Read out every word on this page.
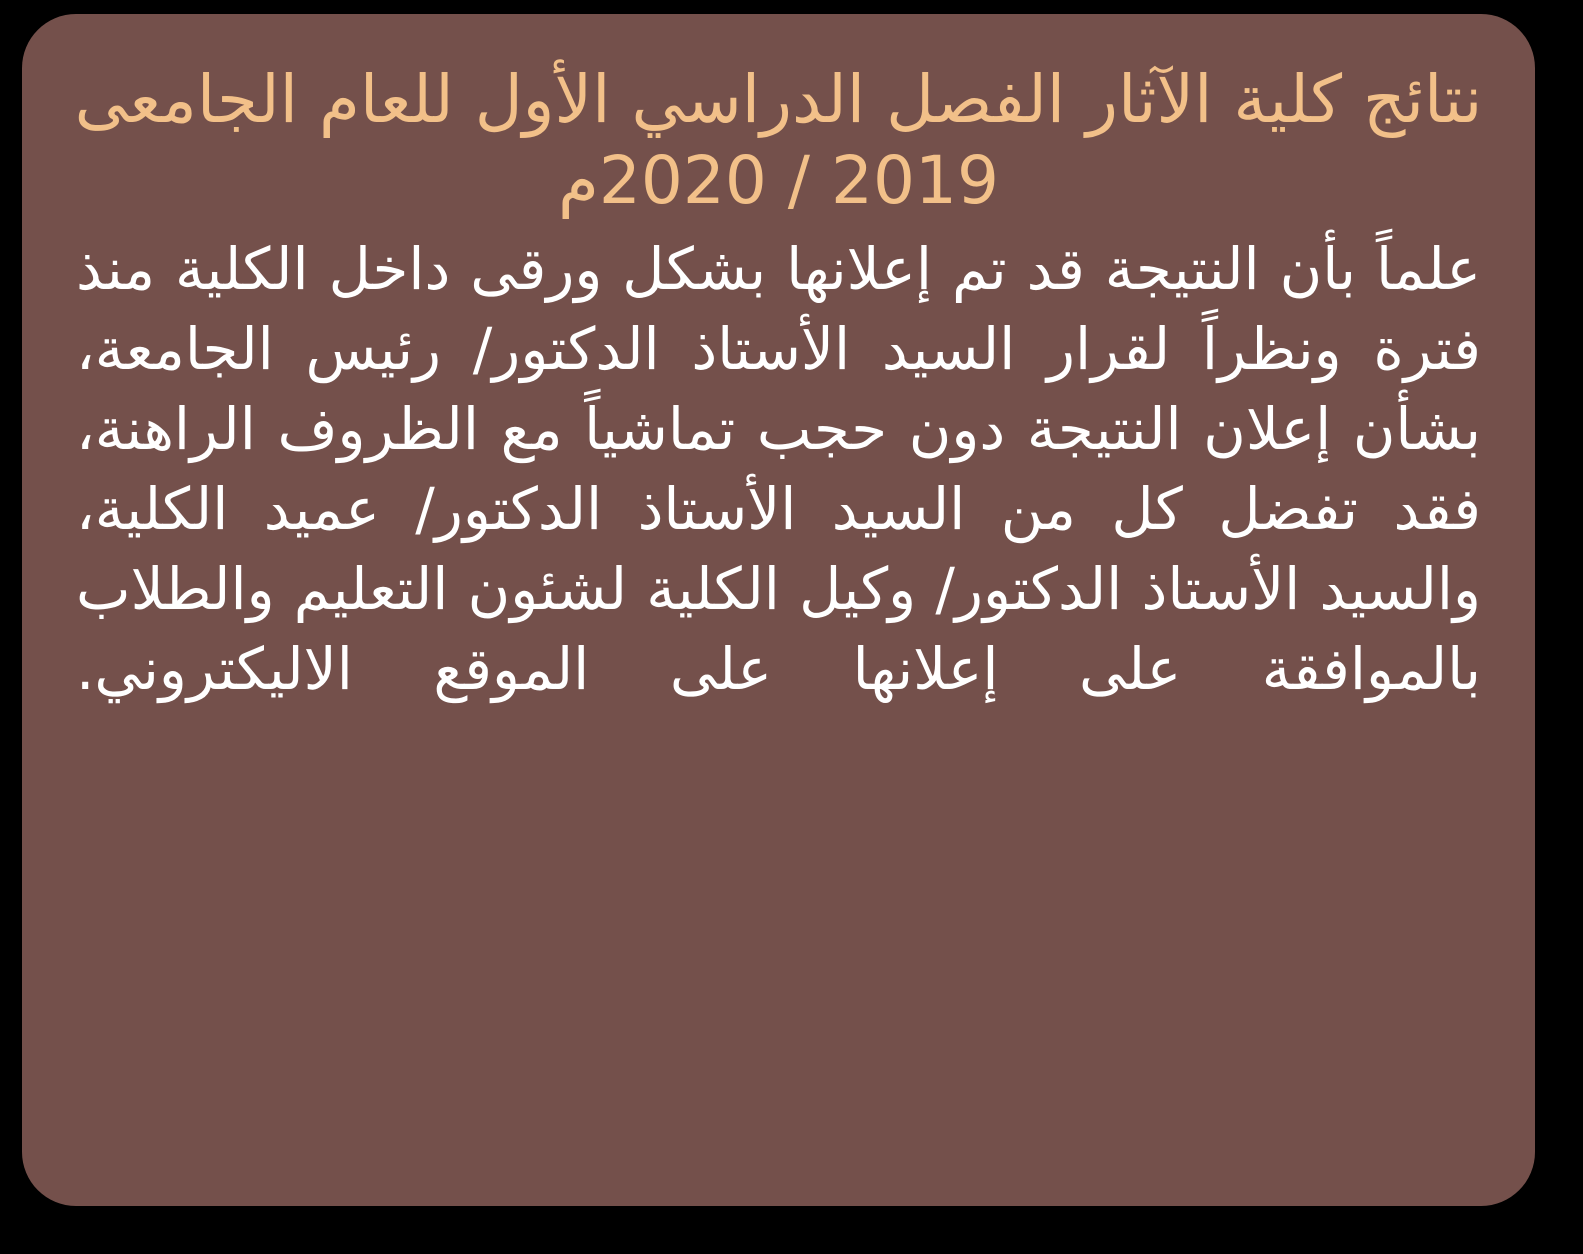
نتائج كلية الآثار الفصل الدراسي الأول للعام الجامعى 2019 / 2020م

علماً بأن النتيجة قد تم إعلانها بشكل ورقى داخل الكلية منذ فترة ونظراً لقرار السيد الأستاذ الدكتور/ رئيس الجامعة، بشأن إعلان النتيجة دون حجب تماشياً مع الظروف الراهنة، فقد تفضل كل من السيد الأستاذ الدكتور/ عميد الكلية، والسيد الأستاذ الدكتور/ وكيل الكلية لشئون التعليم والطلاب بالموافقة على إعلانها على الموقع الاليكتروني.
